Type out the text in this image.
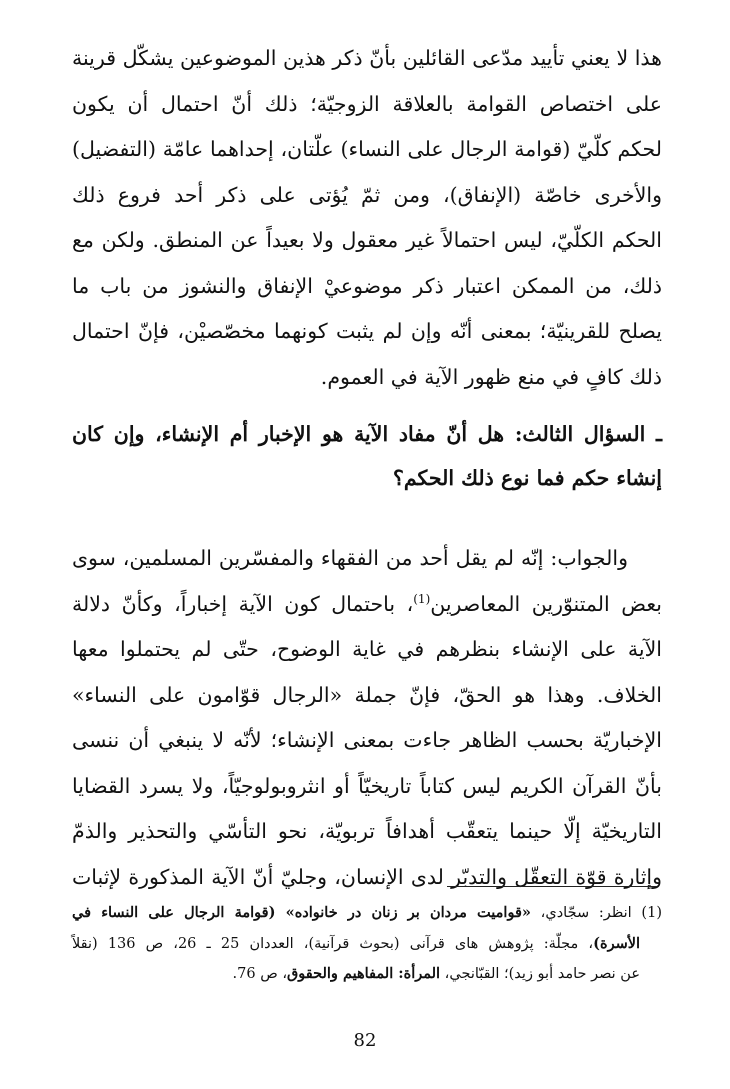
هذا لا يعني تأييد مدّعى القائلين بأنّ ذكر هذين الموضوعين يشكّل قرينة
على اختصاص القوامة بالعلاقة الزوجيّة؛ ذلك أنّ احتمال أن يكون
لحكم كلّيّ (قوامة الرجال على النساء) علّتان، إحداهما عامّة (التفضيل)
والأخرى خاصّة (الإنفاق)، ومن ثمّ يُؤتى على ذكر أحد فروع ذلك
الحكم الكلّيّ، ليس احتمالاً غير معقول ولا بعيداً عن المنطق. ولكن مع
ذلك، من الممكن اعتبار ذكر موضوعيْ الإنفاق والنشوز من باب ما
يصلح للقرينيّة؛ بمعنى أنّه وإن لم يثبت كونهما مخصّصيْن، فإنّ احتمال
ذلك كافٍ في منع ظهور الآية في العموم.
ـ السؤال الثالث: هل أنّ مفاد الآية هو الإخبار أم الإنشاء، وإن كان
إنشاء حكم فما نوع ذلك الحكم؟
والجواب: إنّه لم يقل أحد من الفقهاء والمفسّرين المسلمين، سوى
بعض المتنوّرين المعاصرين$^{(1)}$، باحتمال كون الآية إخباراً، وكأنّ دلالة
الآية على الإنشاء بنظرهم في غاية الوضوح، حتّى لم يحتملوا معها
الخلاف. وهذا هو الحقّ، فإنّ جملة «الرجال قوّامون على النساء»
الإخباريّة بحسب الظاهر جاءت بمعنى الإنشاء؛ لأنّه لا ينبغي أن ننسى
بأنّ القرآن الكريم ليس كتاباً تاريخيّاً أو انثروبولوجيّاً، ولا يسرد القضايا
التاريخيّة إلّا حينما يتعقّب أهدافاً تربويّة، نحو التأسّي والتحذير والذمّ
وإثارة قوّة التعقّل والتدبّر لدى الإنسان، وجليّ أنّ الآية المذكورة لإثبات
(1) انظر: سجّادي، «قواميت مردان بر زنان در خانواده» (قوامة الرجال على النساء في
الأسرة)، مجلّة: پژوهش هاى قرآنى (بحوث قرآنية)، العددان 25 ـ 26، ص 136 (نقلاً
عن نصر حامد أبو زيد)؛ القبّانجي، المرأة: المفاهيم والحقوق، ص 76.
82
